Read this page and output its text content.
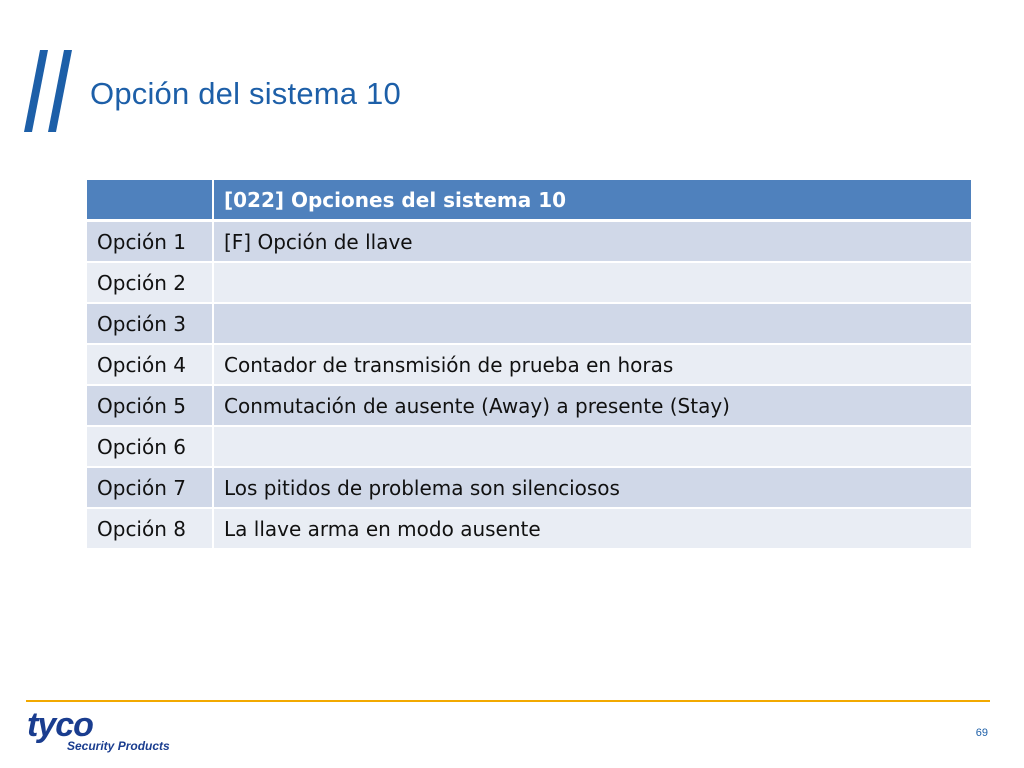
Opción del sistema 10
	[022] Opciones del sistema 10
Opción 1	[F] Opción de llave
Opción 2	
Opción 3	
Opción 4	Contador de transmisión de prueba en horas
Opción 5	Conmutación de ausente (Away) a presente (Stay)
Opción 6	
Opción 7	Los pitidos de problema son silenciosos
Opción 8	La llave arma en modo ausente
tyco
Security Products
69
